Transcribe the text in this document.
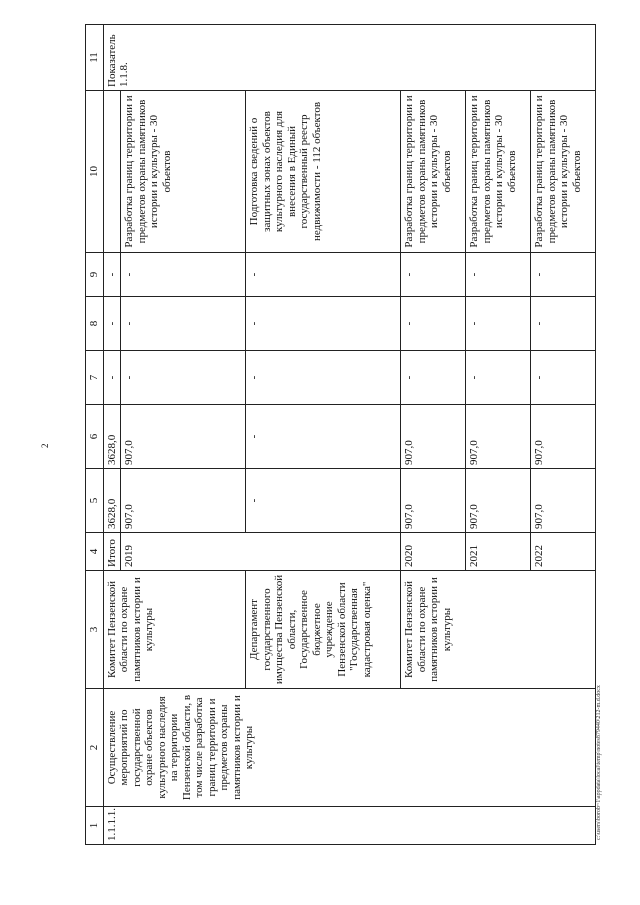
2
1	2	3	4	5	6	7	8	9	10	11
1.1.1.1.	Осуществление мероприятий по государственной охране объектов культурного наследия на территории Пензенской области, в том числе разработка границ территории и предметов охраны памятников истории и культуры	Комитет Пензенской области по охране памятников истории и культуры	Итого	3628,0	3628,0	-	-	-		Показатель 1.1.8.
			2019	907,0	907,0	-	-	-	Разработка границ территории и предметов охраны памятников истории и культуры - 30 объектов	
		Департамент государственного имущества Пензенской области, Государственное бюджетное учреждение Пензенской области "Государственная кадастровая оценка"		-	-	-	-	-	Подготовка сведений о защитных зонах объектов культурного наследия для внесения в Единый государственный реестр недвижимости - 112 объектов	
		Комитет Пензенской области по охране памятников истории и культуры	2020	907,0	907,0	-	-	-	Разработка границ территории и предметов охраны памятников истории и культуры - 30 объектов	
			2021	907,0	907,0	-	-	-	Разработка границ территории и предметов охраны памятников истории и культуры - 30 объектов	
			2022	907,0	907,0	-	-	-	Разработка границ территории и предметов охраны памятников истории и культуры - 30 объектов	
c:\users\borob~1\appdata\local\temp\notes879440\212-m.d.docx
